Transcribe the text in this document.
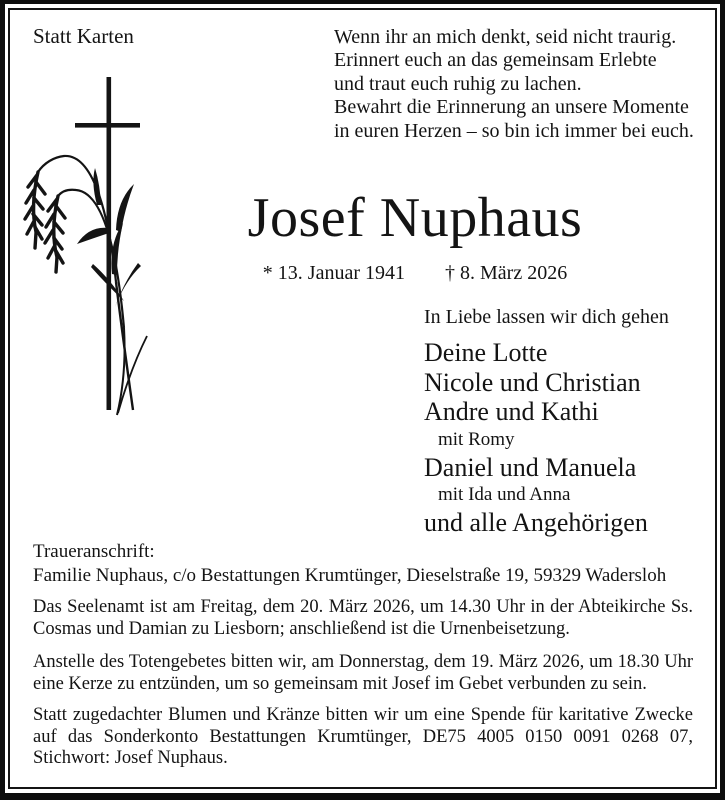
Statt Karten	Wenn ihr an mich denkt, seid nicht traurig.
Erinnert euch an das gemeinsam Erlebte
und traut euch ruhig zu lachen.
Bewahrt die Erinnerung an unsere Momente
in euren Herzen – so bin ich immer bei euch.
Josef Nuphaus
* 13. Januar 1941 † 8. März 2026
In Liebe lassen wir dich gehen
Deine Lotte
Nicole und Christian
Andre und Kathi
mit Romy
Daniel und Manuela
mit Ida und Anna
und alle Angehörigen
Traueranschrift:
Familie Nuphaus, c/o Bestattungen Krumtünger, Dieselstraße 19, 59329 Wadersloh

Das Seelenamt ist am Freitag, dem 20. März 2026, um 14.30 Uhr in der Abteikirche Ss. Cosmas und Damian zu Liesborn; anschließend ist die Urnenbeisetzung.

Anstelle des Totengebetes bitten wir, am Donnerstag, dem 19. März 2026, um 18.30 Uhr eine Kerze zu entzünden, um so gemeinsam mit Josef im Gebet verbunden zu sein.

Statt zugedachter Blumen und Kränze bitten wir um eine Spende für karitative Zwecke auf das Sonderkonto Bestattungen Krumtünger, DE75 4005 0150 0091 0268 07, Stichwort: Josef Nuphaus.
